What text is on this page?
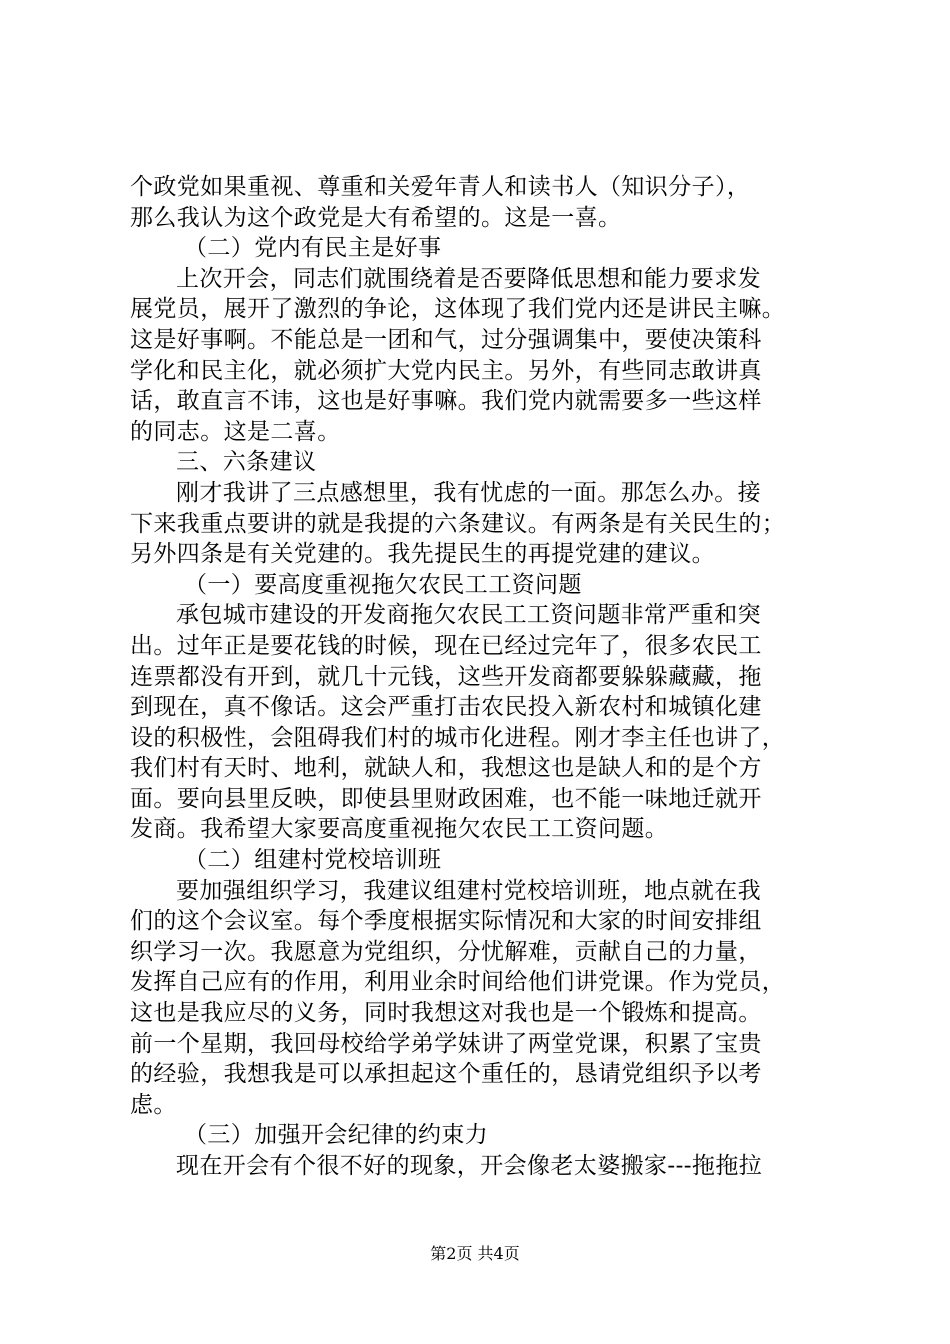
个政党如果重视、尊重和关爱年青人和读书人（知识分子），
那么我认为这个政党是大有希望的。这是一喜。
（二）党内有民主是好事
上次开会，同志们就围绕着是否要降低思想和能力要求发
展党员，展开了激烈的争论，这体现了我们党内还是讲民主嘛。
这是好事啊。不能总是一团和气，过分强调集中，要使决策科
学化和民主化，就必须扩大党内民主。另外，有些同志敢讲真
话，敢直言不讳，这也是好事嘛。我们党内就需要多一些这样
的同志。这是二喜。
三、六条建议
刚才我讲了三点感想里，我有忧虑的一面。那怎么办。接
下来我重点要讲的就是我提的六条建议。有两条是有关民生的；
另外四条是有关党建的。我先提民生的再提党建的建议。
（一）要高度重视拖欠农民工工资问题
承包城市建设的开发商拖欠农民工工资问题非常严重和突
出。过年正是要花钱的时候，现在已经过完年了，很多农民工
连票都没有开到，就几十元钱，这些开发商都要躲躲藏藏，拖
到现在，真不像话。这会严重打击农民投入新农村和城镇化建
设的积极性，会阻碍我们村的城市化进程。刚才李主任也讲了，
我们村有天时、地利，就缺人和，我想这也是缺人和的是个方
面。要向县里反映，即使县里财政困难，也不能一味地迁就开
发商。我希望大家要高度重视拖欠农民工工资问题。
（二）组建村党校培训班
要加强组织学习，我建议组建村党校培训班，地点就在我
们的这个会议室。每个季度根据实际情况和大家的时间安排组
织学习一次。我愿意为党组织，分忧解难，贡献自己的力量，
发挥自己应有的作用，利用业余时间给他们讲党课。作为党员，
这也是我应尽的义务，同时我想这对我也是一个锻炼和提高。
前一个星期，我回母校给学弟学妹讲了两堂党课，积累了宝贵
的经验，我想我是可以承担起这个重任的，恳请党组织予以考
虑。
（三）加强开会纪律的约束力
现在开会有个很不好的现象，开会像老太婆搬家---拖拖拉
第2页 共4页
